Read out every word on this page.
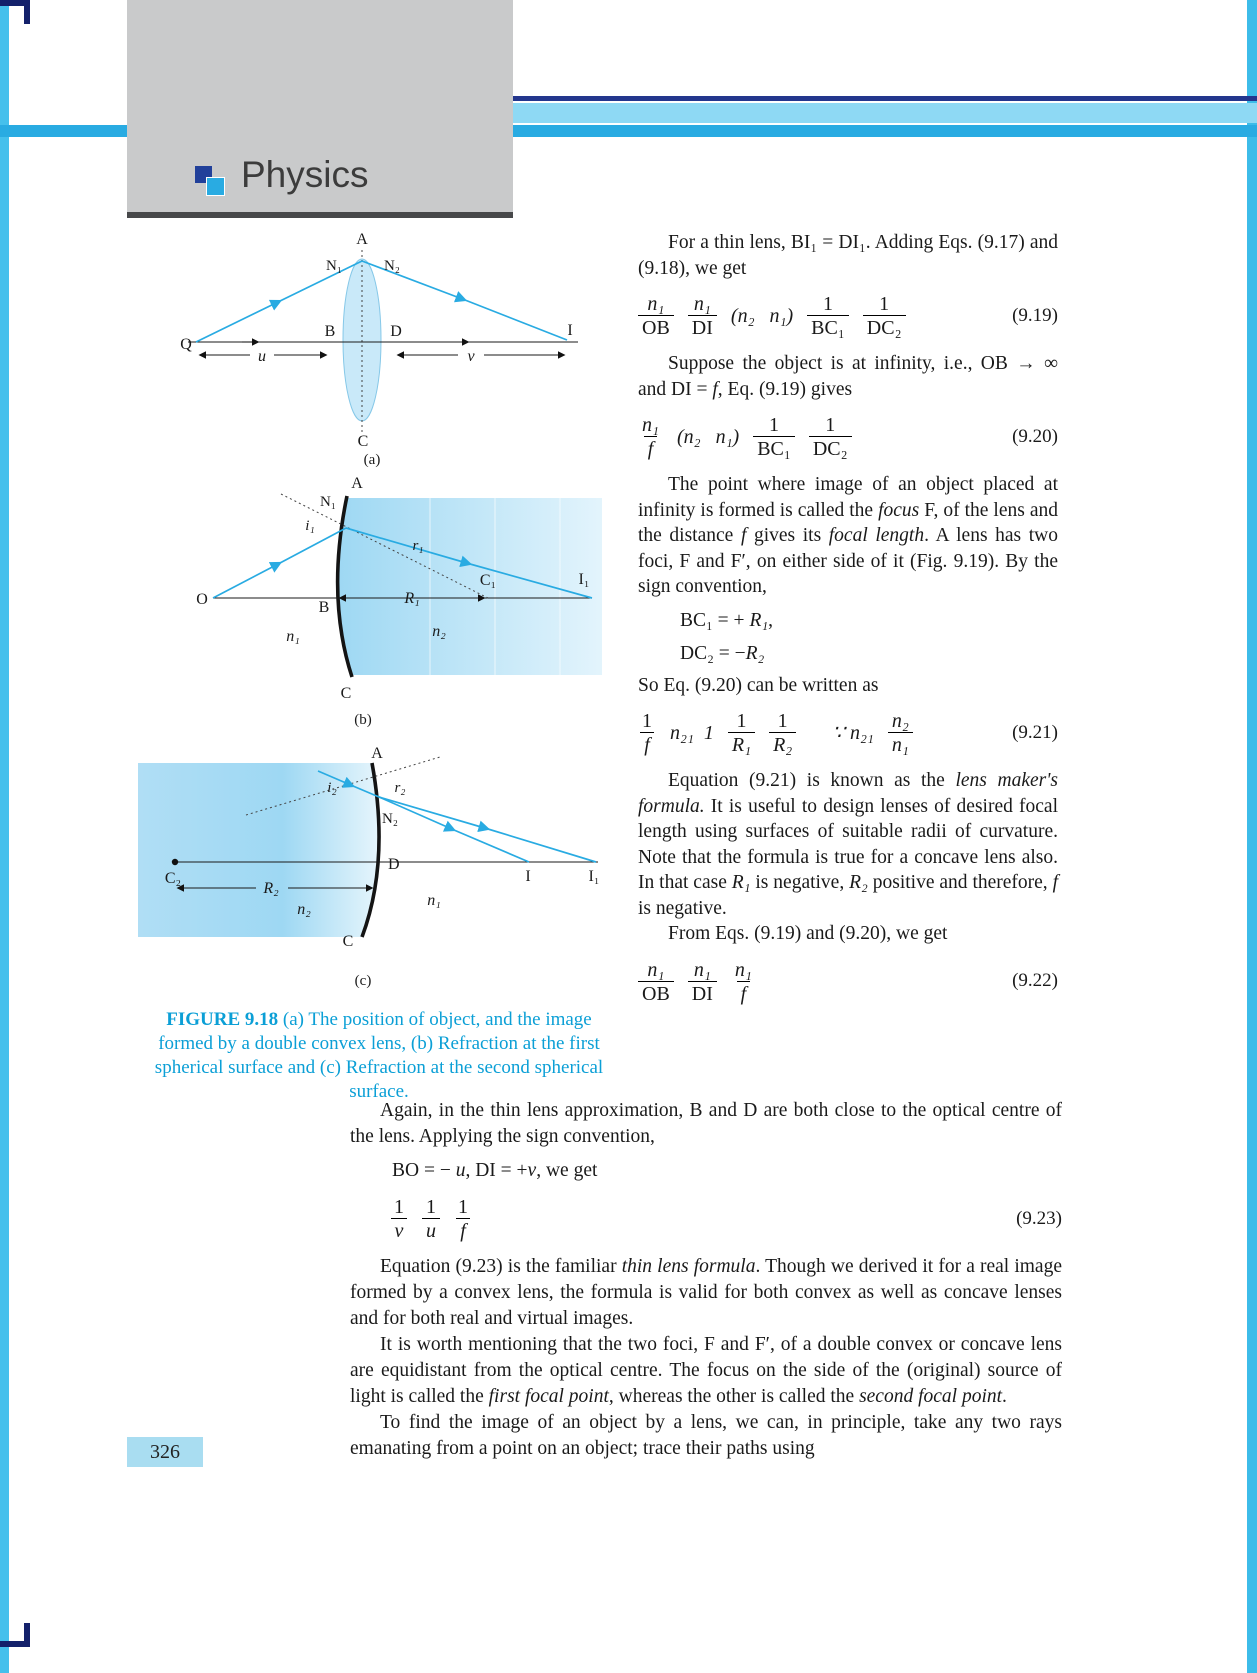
Physics
A
N₁	N₂
Q
B	D
C
I
u	v
(a)
A
N₁
i₁
r₁
O	B
R₁
C₁	I₁
n₁	n₂
C
(b)
A
i₂	r₂
N₂
C₂
R₂
D
I	I₁
n₂
n₁
C
(c)
FIGURE 9.18 (a) The position of object, and the image formed by a double convex lens, (b) Refraction at the first spherical surface and (c) Refraction at the second spherical surface.

For a thin lens, BI₁ = DI₁. Adding Eqs. (9.17) and (9.18), we get

$\frac{\text{n₁}}{OB} \frac{\text{n₁}}{DI} (n_2$   $n_1) \frac{1}{\text{BC₁}} \frac{1}{\text{DC₂}}$	(9.19)

Suppose the object is at infinity, i.e., OB → ∞ and DI = f, Eq. (9.19) gives

$\frac{\text{n₁}}{f} (n_2$   $n_1) \frac{1}{\text{BC₁}} \frac{1}{\text{DC₂}}$	(9.20)

The point where image of an object placed at infinity is formed is called the focus F, of the lens and the distance f gives its focal length. A lens has two foci, F and F′, on either side of it (Fig. 9.19). By the sign convention,

BC₁ = + R₁,

DC₂ = −R₂

So Eq. (9.20) can be written as

$\frac{1}{f} n_{21}$  $1 \frac{1}{\text{R₁}} \frac{1}{\text{R₂}}$ ∵ $n_{21} \frac{\text{n₂}}{\text{n₁}}$	(9.21)

Equation (9.21) is known as the lens maker's formula. It is useful to design lenses of desired focal length using surfaces of suitable radii of curvature. Note that the formula is true for a concave lens also. In that case R₁ is negative, R₂ positive and therefore, f is negative.

From Eqs. (9.19) and (9.20), we get

$\frac{\text{n₁}}{OB} \frac{\text{n₁}}{DI} \frac{\text{n₁}}{f}$	(9.22)

Again, in the thin lens approximation, B and D are both close to the optical centre of the lens. Applying the sign convention,

BO = − u, DI = +v, we get

$\frac{1}{v} \frac{1}{u} \frac{1}{f}$	(9.23)

Equation (9.23) is the familiar thin lens formula. Though we derived it for a real image formed by a convex lens, the formula is valid for both convex as well as concave lenses and for both real and virtual images.

It is worth mentioning that the two foci, F and F′, of a double convex or concave lens are equidistant from the optical centre. The focus on the side of the (original) source of light is called the first focal point, whereas the other is called the second focal point.

To find the image of an object by a lens, we can, in principle, take any two rays emanating from a point on an object; trace their paths using

326
